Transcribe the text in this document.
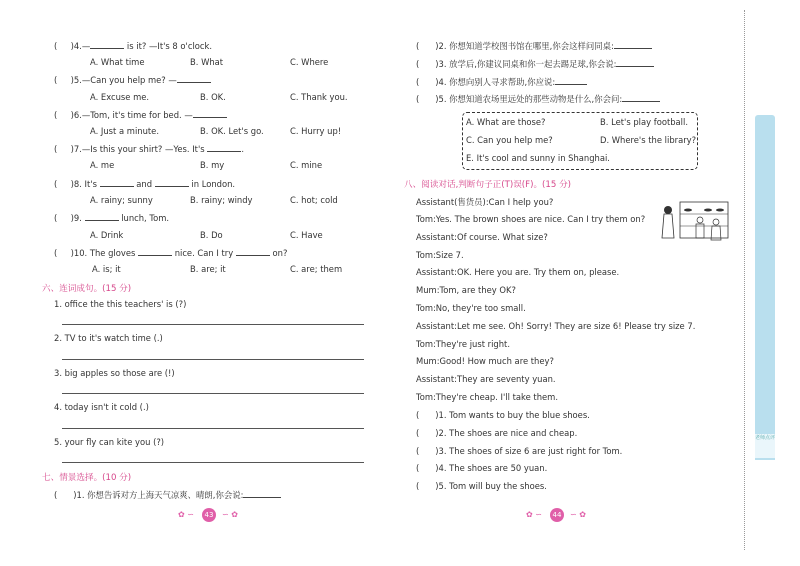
(     )4.—	is it? —It's 8 o'clock.
A. What time	B. What	C. Where
(     )5.—Can you help me? —
A. Excuse me.	B. OK.	C. Thank you.
(     )6.—Tom, it's time for bed. —
A. Just a minute.	B. OK. Let's go.	C. Hurry up!
(     )7.—Is this your shirt? —Yes. It's	.
A. me	B. my	C. mine
(     )8. It's	and	in London.
A. rainy; sunny	B. rainy; windy	C. hot; cold
(     )9.	lunch, Tom.
A. Drink	B. Do	C. Have
(     )10. The gloves	nice. Can I try	on?
A. is; it	B. are; it	C. are; them
六、连词成句。(15 分)
1. office the this teachers' is (?)
2. TV to it's watch time (.)
3. big apples so those are (!)
4. today isn't it cold (.)
5. your fly can kite you (?)
七、情景选择。(10 分)
(      )1. 你想告诉对方上海天气凉爽、晴朗,你会说:
✿ ∽	43	∽ ✿
(      )2. 你想知道学校图书馆在哪里,你会这样问同桌:
(      )3. 放学后,你建议同桌和你一起去踢足球,你会说:
(      )4. 你想向别人寻求帮助,你应说:
(      )5. 你想知道农场里远处的那些动物是什么,你会问:
A. What are those?	B. Let's play football.
C. Can you help me?	D. Where's the library?
E. It's cool and sunny in Shanghai.
八、阅读对话,判断句子正(T)误(F)。(15 分)
Assistant(售货员):Can I help you?
Tom:Yes. The brown shoes are nice. Can I try them on?
Assistant:Of course. What size?
Tom:Size 7.
Assistant:OK. Here you are. Try them on, please.
Mum:Tom, are they OK?
Tom:No, they're too small.
Assistant:Let me see. Oh! Sorry! They are size 6! Please try size 7.
Tom:They're just right.
Mum:Good! How much are they?
Assistant:They are seventy yuan.
Tom:They're cheap. I'll take them.
(      )1. Tom wants to buy the blue shoes.
(      )2. The shoes are nice and cheap.
(      )3. The shoes of size 6 are just right for Tom.
(      )4. The shoes are 50 yuan.
(      )5. Tom will buy the shoes.
✿ ∽	44	∽ ✿
老师点评
